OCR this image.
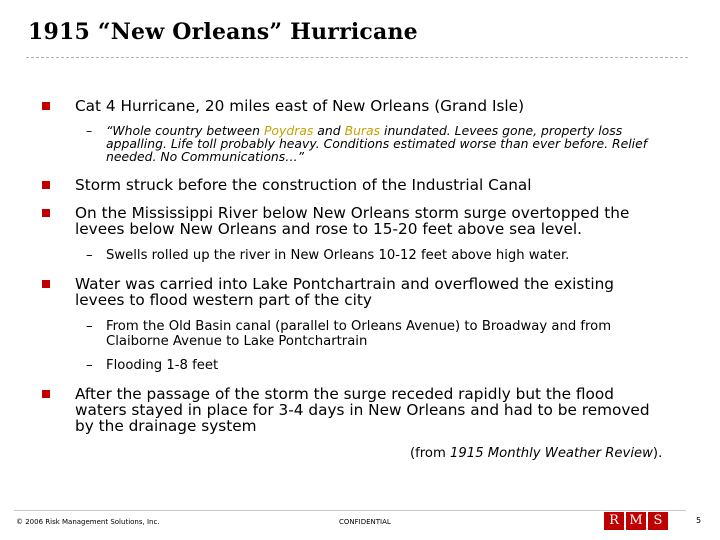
1915 “New Orleans” Hurricane
Cat 4 Hurricane, 20 miles east of New Orleans (Grand Isle)
– “Whole country between Poydras and Buras inundated. Levees gone, property loss
appalling. Life toll probably heavy. Conditions estimated worse than ever before. Relief
needed. No Communications…”
Storm struck before the construction of the Industrial Canal
On the Mississippi River below New Orleans storm surge overtopped the
levees below New Orleans and rose to 15-20 feet above sea level.
– Swells rolled up the river in New Orleans 10-12 feet above high water.
Water was carried into Lake Pontchartrain and overflowed the existing
levees to flood western part of the city
– From the Old Basin canal (parallel to Orleans Avenue) to Broadway and from
Claiborne Avenue to Lake Pontchartrain
– Flooding 1-8 feet
After the passage of the storm the surge receded rapidly but the flood
waters stayed in place for 3-4 days in New Orleans and had to be removed
by the drainage system
(from 1915 Monthly Weather Review).
© 2006 Risk Management Solutions, Inc.	CONFIDENTIAL	R M S	5
